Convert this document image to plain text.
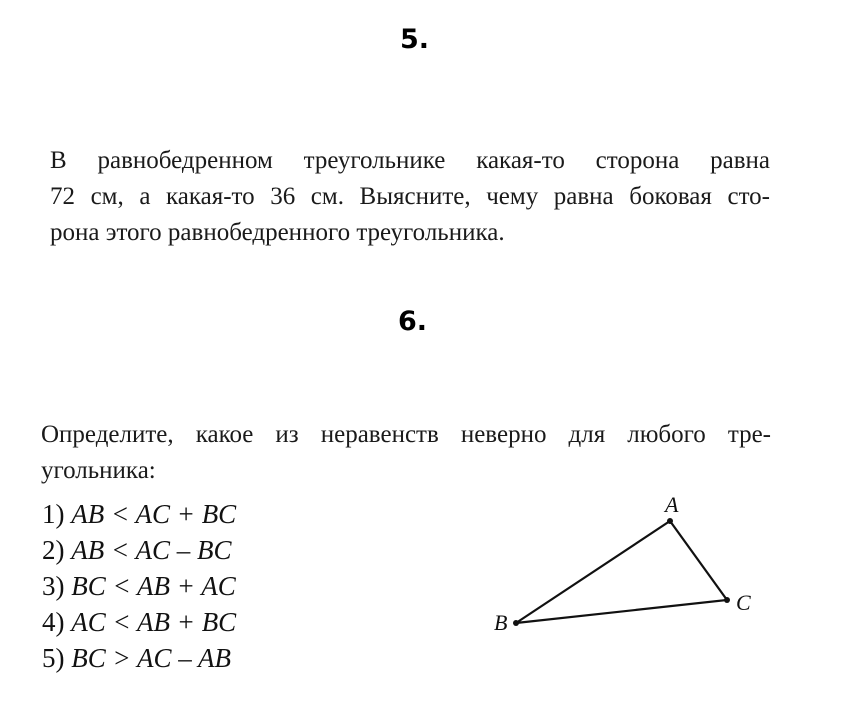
5.
В равнобедренном треугольнике какая-то сторона равна
72 см, а какая-то 36 см. Выясните, чему равна боковая сто-
рона этого равнобедренного треугольника.
6.
Определите, какое из неравенств неверно для любого тре-
угольника:
1) AB < AC + BC
2) AB < AC – BC
3) BC < AB + AC
4) AC < AB + BC
5) BC > AC – AB
A
B
C
